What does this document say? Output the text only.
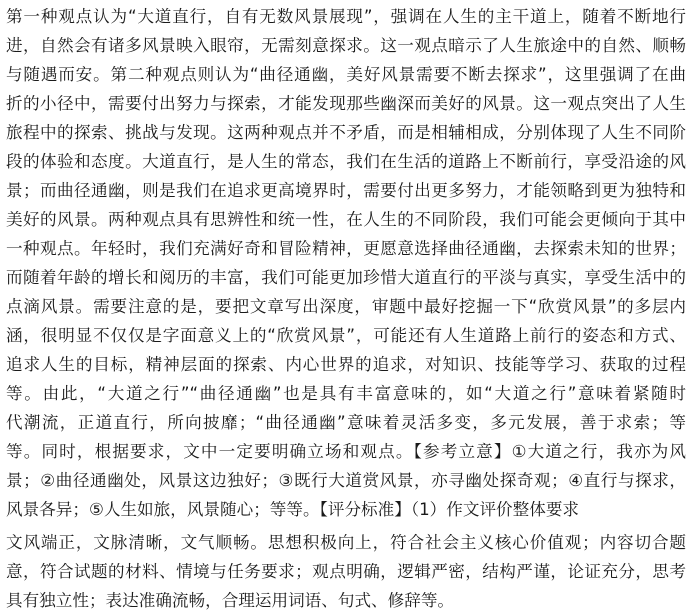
第一种观点认为“大道直行，自有无数风景展现”，强调在人生的主干道上，随着不断地行
进，自然会有诸多风景映入眼帘，无需刻意探求。这一观点暗示了人生旅途中的自然、顺畅
与随遇而安。第二种观点则认为“曲径通幽，美好风景需要不断去探求”，这里强调了在曲
折的小径中，需要付出努力与探索，才能发现那些幽深而美好的风景。这一观点突出了人生
旅程中的探索、挑战与发现。这两种观点并不矛盾，而是相辅相成，分别体现了人生不同阶
段的体验和态度。大道直行，是人生的常态，我们在生活的道路上不断前行，享受沿途的风
景；而曲径通幽，则是我们在追求更高境界时，需要付出更多努力，才能领略到更为独特和
美好的风景。两种观点具有思辨性和统一性，在人生的不同阶段，我们可能会更倾向于其中
一种观点。年轻时，我们充满好奇和冒险精神，更愿意选择曲径通幽，去探索未知的世界；
而随着年龄的增长和阅历的丰富，我们可能更加珍惜大道直行的平淡与真实，享受生活中的
点滴风景。需要注意的是，要把文章写出深度，审题中最好挖掘一下“欣赏风景”的多层内
涵，很明显不仅仅是字面意义上的“欣赏风景”，可能还有人生道路上前行的姿态和方式、
追求人生的目标，精神层面的探索、内心世界的追求，对知识、技能等学习、获取的过程
等。由此，“大道之行”“曲径通幽”也是具有丰富意味的，如“大道之行”意味着紧随时
代潮流，正道直行，所向披靡；“曲径通幽”意味着灵活多变，多元发展，善于求索；等
等。同时，根据要求，文中一定要明确立场和观点。【参考立意】①大道之行，我亦为风
景；②曲径通幽处，风景这边独好；③既行大道赏风景，亦寻幽处探奇观；④直行与探求，
风景各异；⑤人生如旅，风景随心；等等。【评分标准】（1）作文评价整体要求
文风端正，文脉清晰，文气顺畅。思想积极向上，符合社会主义核心价值观；内容切合题
意，符合试题的材料、情境与任务要求；观点明确，逻辑严密，结构严谨，论证充分，思考
具有独立性；表达准确流畅，合理运用词语、句式、修辞等。
